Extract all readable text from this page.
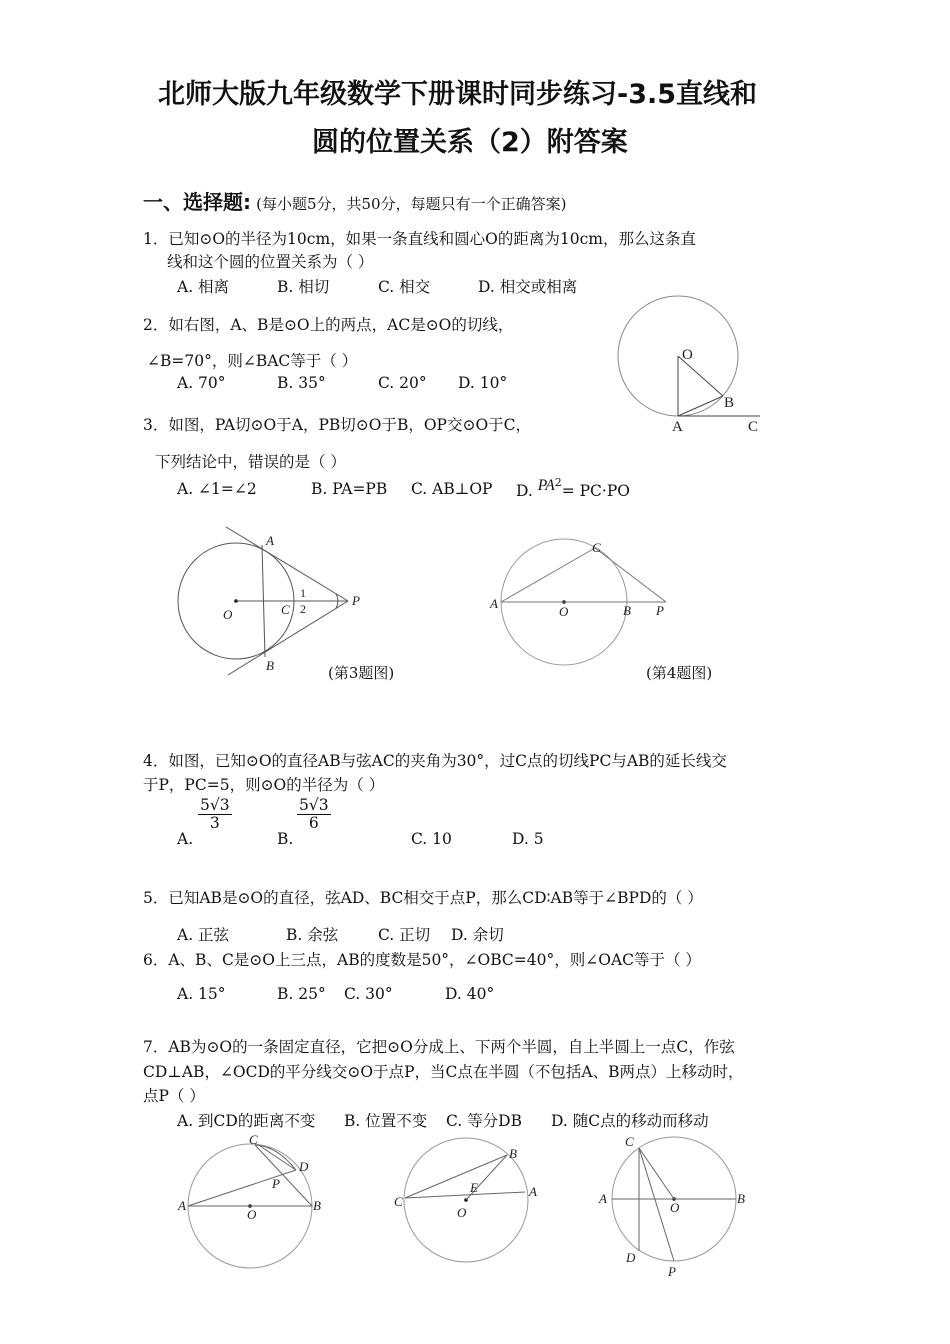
北师大版九年级数学下册课时同步练习-3.5直线和
圆的位置关系（2）附答案
一、选择题: (每小题5分，共50分，每题只有一个正确答案)
1．已知⊙O的半径为10cm，如果一条直线和圆心O的距离为10cm，那么这条直
线和这个圆的位置关系为（ ）
A. 相离	B. 相切	C. 相交	D. 相交或相离
2．如右图，A、B是⊙O上的两点，AC是⊙O的切线，
∠B=70°，则∠BAC等于（ ）
A. 70°	B. 35°	C. 20° D. 10°
O
B
A	C
3．如图，PA切⊙O于A，PB切⊙O于B，OP交⊙O于C，
下列结论中，错误的是（ ）
A. ∠1=∠2	B. PA=PB C. AB⊥OP D. $PA^2= PC\cdot PO$
A
B
O	C
P
1
2
(第3题图)
A
O	B P
C
(第4题图)
4．如图，已知⊙O的直径AB与弦AC的夹角为30°，过C点的切线PC与AB的延长线交
于P，PC=5，则⊙O的半径为（ ）
A.
$\frac{5√3}{3}$
B.
$\frac{5√3}{6}$
C. 10	D. 5
5．已知AB是⊙O的直径，弦AD、BC相交于点P，那么CD∶AB等于∠BPD的（ ）
A. 正弦	B. 余弦	C. 正切 D. 余切
6．A、B、C是⊙O上三点，AB的度数是50°，∠OBC=40°，则∠OAC等于（ ）
A. 15°	B. 25° C. 30°	D. 40°
7．AB为⊙O的一条固定直径，它把⊙O分成上、下两个半圆，自上半圆上一点C，作弦
CD⊥AB，∠OCD的平分线交⊙O于点P，当C点在半圆（不包括A、B两点）上移动时，
点P（ ）
A. 到CD的距离不变 B. 位置不变 C. 等分DB D. 随C点的移动而移动
C
D
P
A
O
B
B
E	A
C
O
C
A
O
B
D
P
